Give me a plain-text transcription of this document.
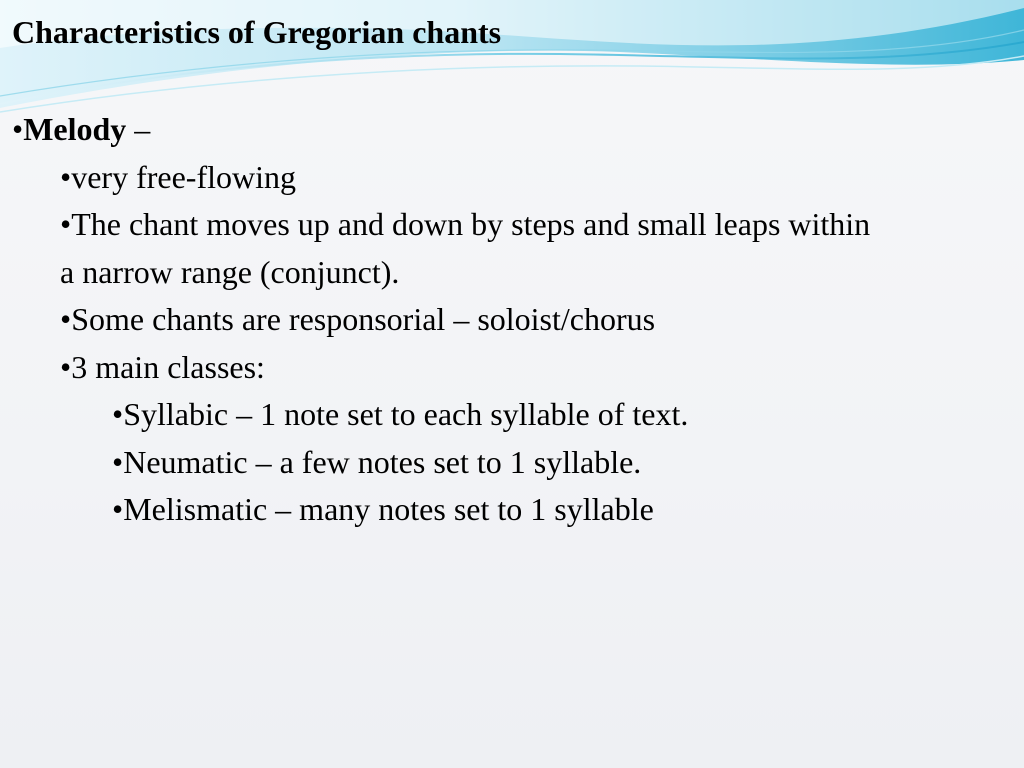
Characteristics of Gregorian chants
•Melody –
•very free-flowing
•The chant moves up and down by steps and small leaps within a narrow range (conjunct).
•Some chants are responsorial – soloist/chorus
•3 main classes:
•Syllabic – 1 note set to each syllable of text.
•Neumatic – a few notes set to 1 syllable.
•Melismatic – many notes set to 1 syllable
